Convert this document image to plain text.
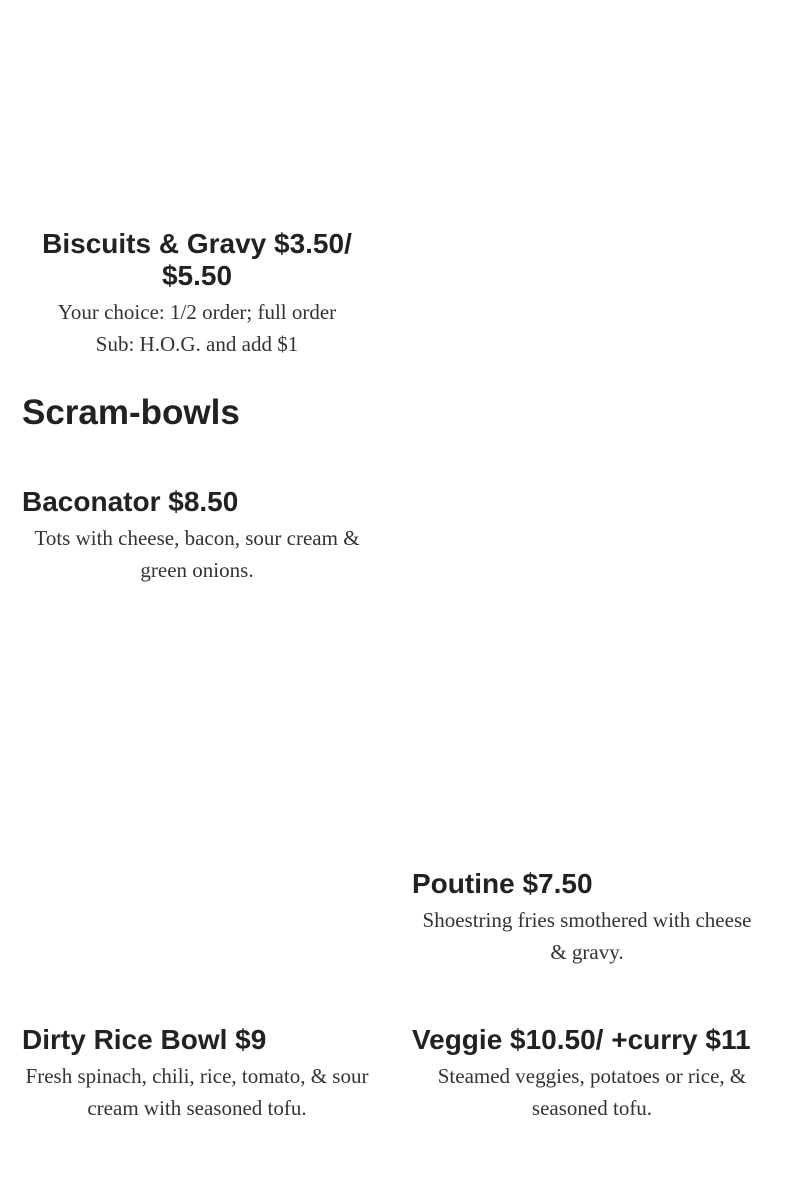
Biscuits & Gravy $3.50/ $5.50

Your choice: 1/2 order; full order
Sub: H.O.G. and add $1

Scram-bowls
Baconator $8.50

Tots with cheese, bacon, sour cream & green onions.

Poutine $7.50

Shoestring fries smothered with cheese & gravy.

Dirty Rice Bowl $9

Fresh spinach, chili, rice, tomato, & sour cream with seasoned tofu.

Veggie $10.50/ +curry $11

Steamed veggies, potatoes or rice, & seasoned tofu.
